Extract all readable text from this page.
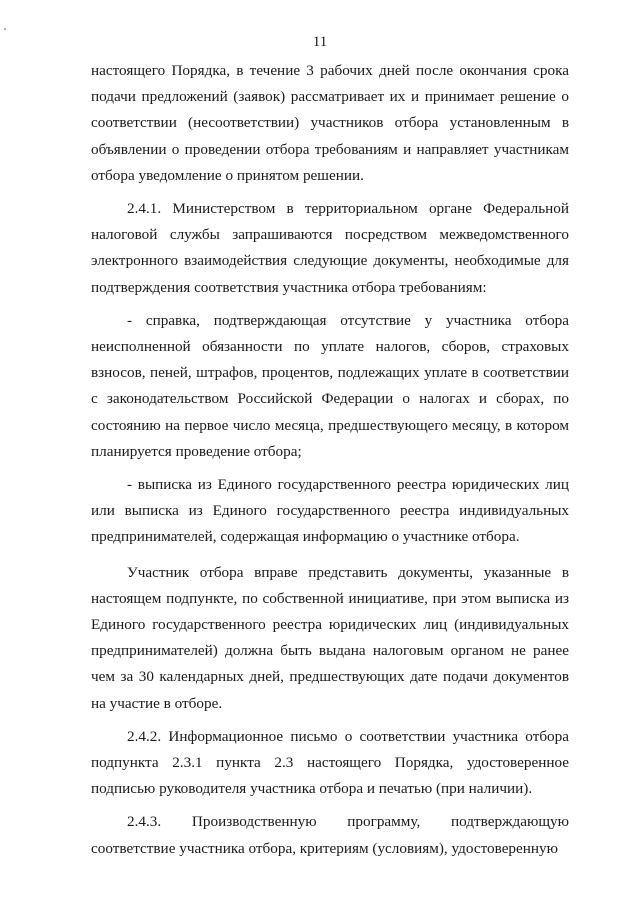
11

настоящего Порядка, в течение 3 рабочих дней после окончания срока подачи предложений (заявок) рассматривает их и принимает решение о соответствии (несоответствии) участников отбора установленным в объявлении о проведении отбора требованиям и направляет участникам отбора уведомление о принятом решении.

2.4.1. Министерством в территориальном органе Федеральной налоговой службы запрашиваются посредством межведомственного электронного взаимодействия следующие документы, необходимые для подтверждения соответствия участника отбора требованиям:

- справка, подтверждающая отсутствие у участника отбора неисполненной обязанности по уплате налогов, сборов, страховых взносов, пеней, штрафов, процентов, подлежащих уплате в соответствии с законодательством Российской Федерации о налогах и сборах, по состоянию на первое число месяца, предшествующего месяцу, в котором планируется проведение отбора;

- выписка из Единого государственного реестра юридических лиц или выписка из Единого государственного реестра индивидуальных предпринимателей, содержащая информацию о участнике отбора.

Участник отбора вправе представить документы, указанные в настоящем подпункте, по собственной инициативе, при этом выписка из Единого государственного реестра юридических лиц (индивидуальных предпринимателей) должна быть выдана налоговым органом не ранее чем за 30 календарных дней, предшествующих дате подачи документов на участие в отборе.

2.4.2. Информационное письмо о соответствии участника отбора подпункта 2.3.1 пункта 2.3 настоящего Порядка, удостоверенное подписью руководителя участника отбора и печатью (при наличии).

2.4.3. Производственную программу, подтверждающую соответствие участника отбора, критериям (условиям), удостоверенную
